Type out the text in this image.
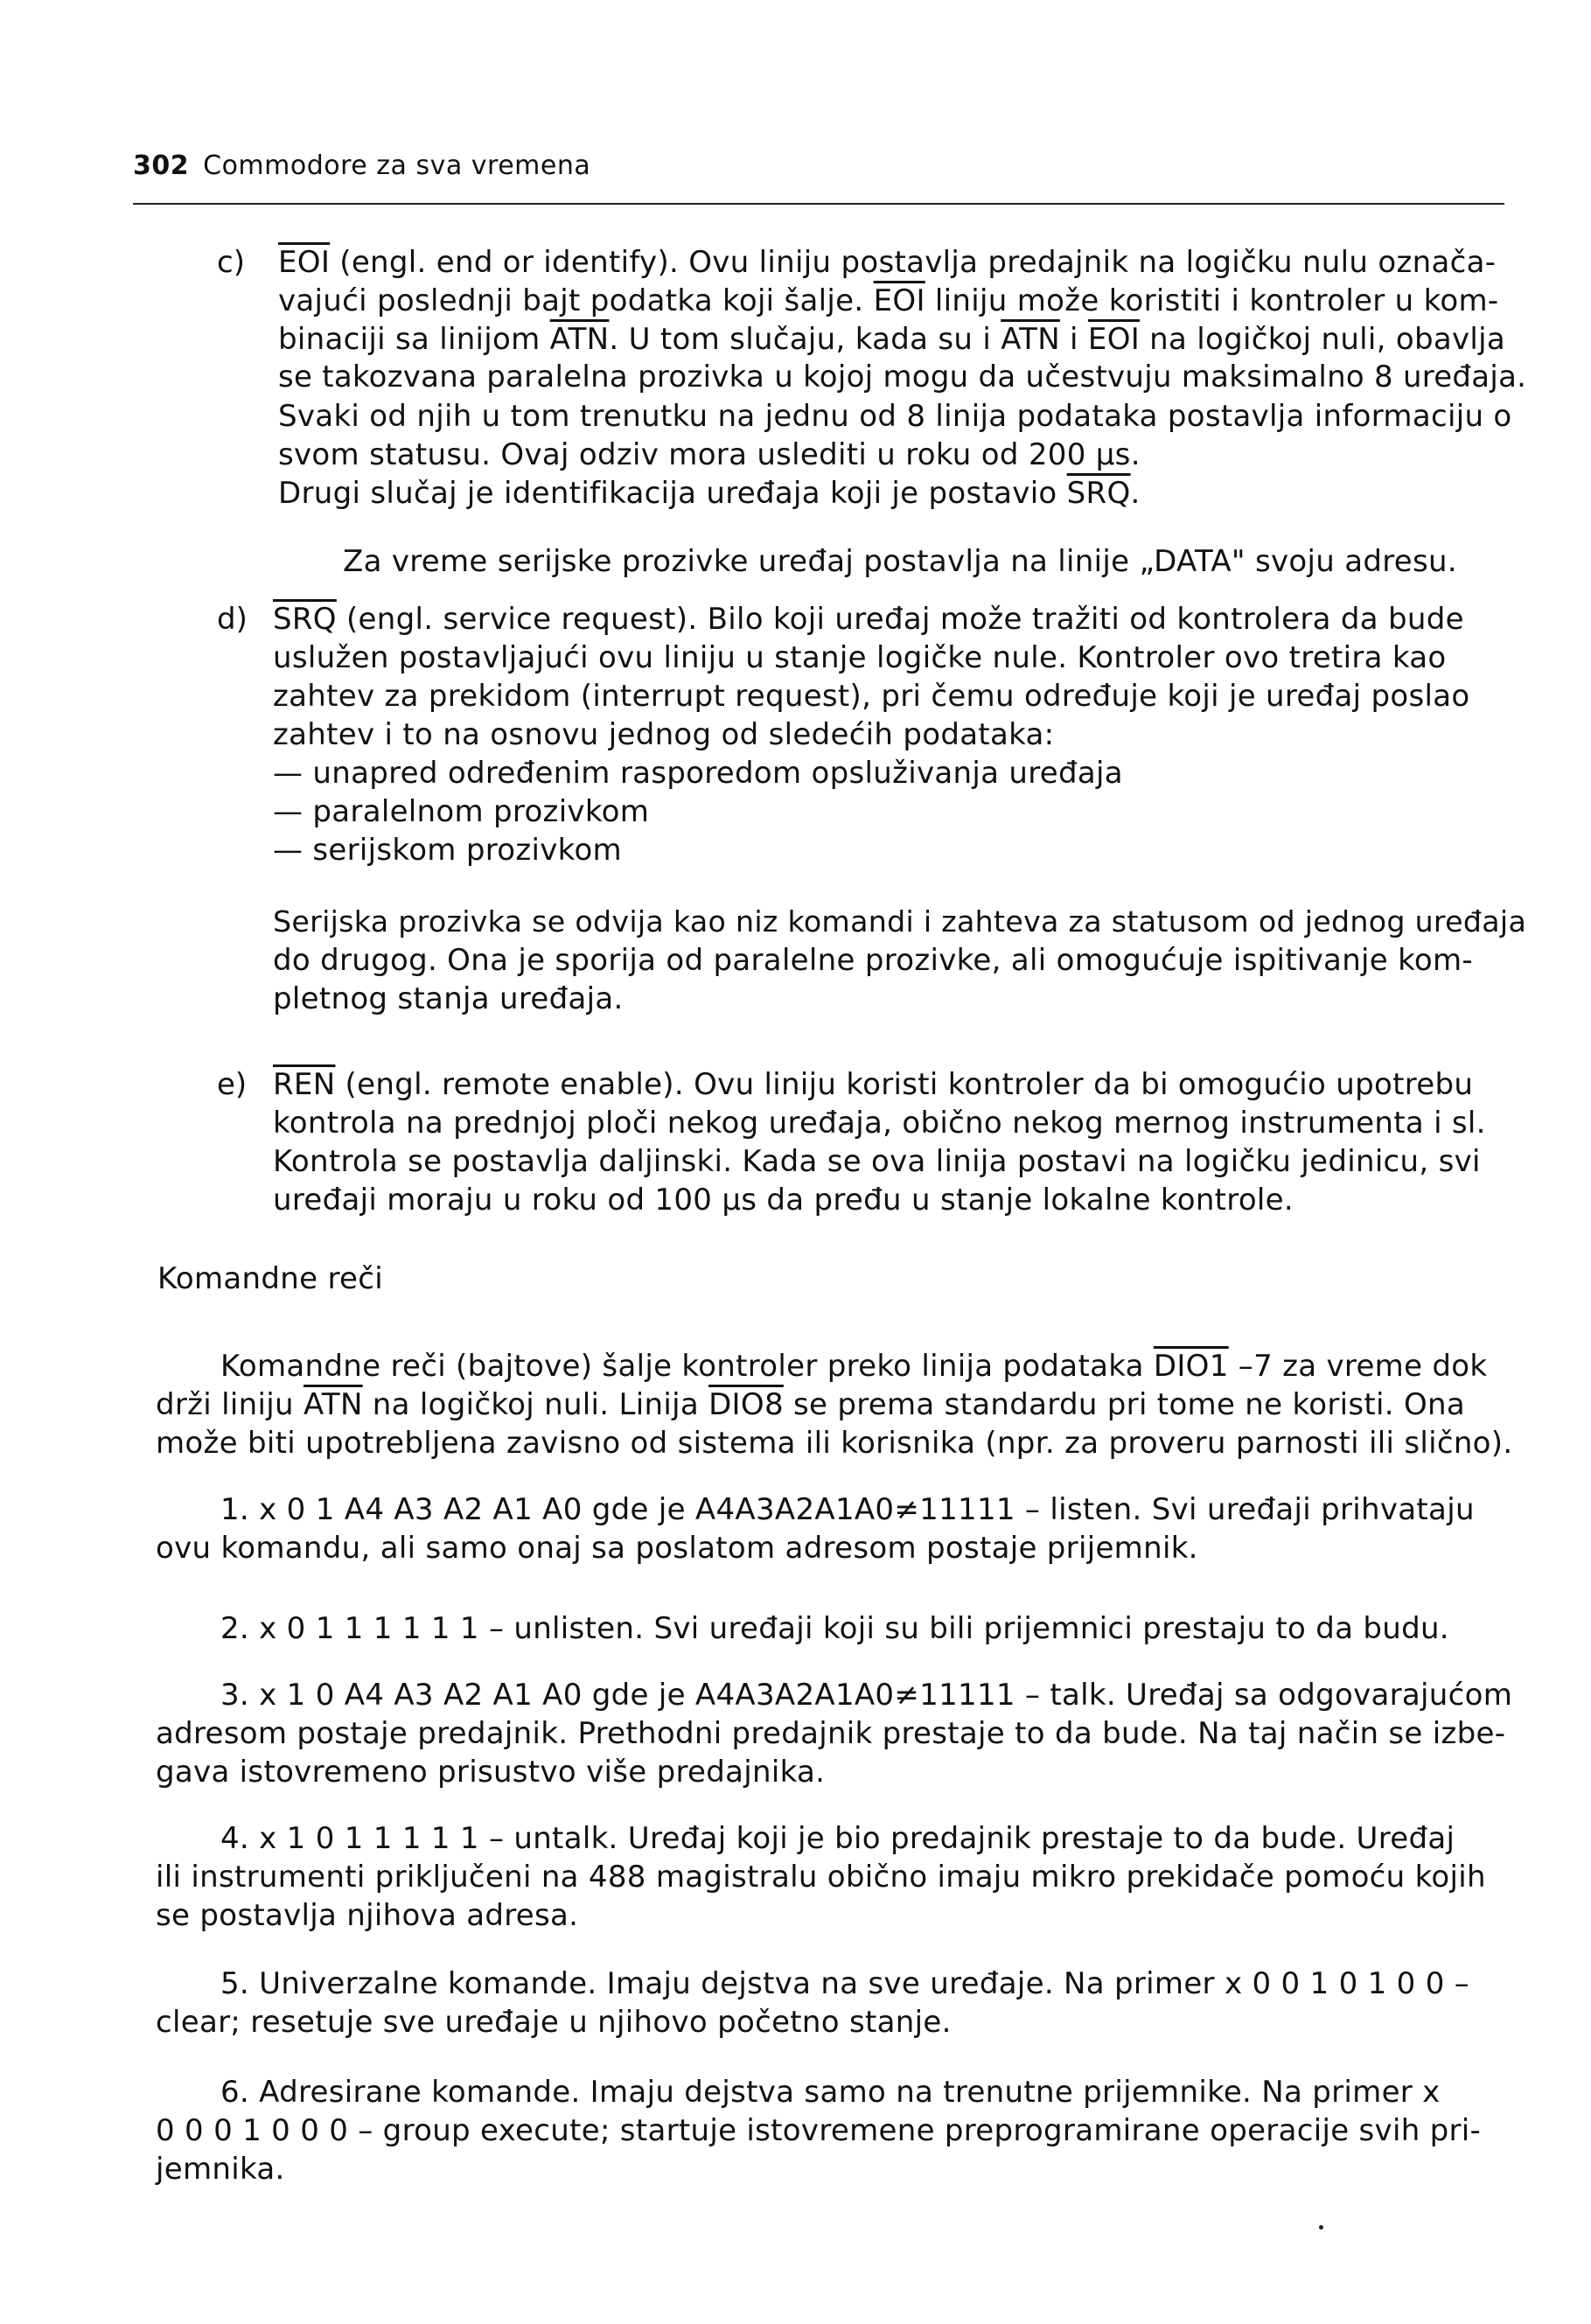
302 Commodore za sva vremena
c) $\overline{EOI}$ (engl. end or identify). Ovu liniju postavlja predajnik na logičku nulu označa-
vajući poslednji bajt podatka koji šalje. $\overline{EOI}$ liniju može koristiti i kontroler u kom-
binaciji sa linijom $\overline{ATN}$. U tom slučaju, kada su i $\overline{ATN}$ i $\overline{EOI}$ na logičkoj nuli, obavlja
se takozvana paralelna prozivka u kojoj mogu da učestvuju maksimalno 8 uređaja.
Svaki od njih u tom trenutku na jednu od 8 linija podataka postavlja informaciju o
svom statusu. Ovaj odziv mora uslediti u roku od 200 μs.
Drugi slučaj je identifikacija uređaja koji je postavio $\overline{SRQ}$.
Za vreme serijske prozivke uređaj postavlja na linije „DATA" svoju adresu.
d) $\overline{SRQ}$ (engl. service request). Bilo koji uređaj može tražiti od kontrolera da bude
uslužen postavljajući ovu liniju u stanje logičke nule. Kontroler ovo tretira kao
zahtev za prekidom (interrupt request), pri čemu određuje koji je uređaj poslao
zahtev i to na osnovu jednog od sledećih podataka:
— unapred određenim rasporedom opsluživanja uređaja
— paralelnom prozivkom
— serijskom prozivkom
Serijska prozivka se odvija kao niz komandi i zahteva za statusom od jednog uređaja
do drugog. Ona je sporija od paralelne prozivke, ali omogućuje ispitivanje kom-
pletnog stanja uređaja.
e) $\overline{REN}$ (engl. remote enable). Ovu liniju koristi kontroler da bi omogućio upotrebu
kontrola na prednjoj ploči nekog uređaja, obično nekog mernog instrumenta i sl.
Kontrola se postavlja daljinski. Kada se ova linija postavi na logičku jedinicu, svi
uređaji moraju u roku od 100 μs da pređu u stanje lokalne kontrole.
Komandne reči
Komandne reči (bajtove) šalje kontroler preko linija podataka DIO1 –7 za vreme dok
drži liniju $\overline{ATN}$ na logičkoj nuli. Linija DIO8 se prema standardu pri tome ne koristi. Ona
može biti upotrebljena zavisno od sistema ili korisnika (npr. za proveru parnosti ili slično).
1. x 0 1 A4 A3 A2 A1 A0 gde je A4A3A2A1A0≠11111 – listen. Svi uređaji prihvataju
ovu komandu, ali samo onaj sa poslatom adresom postaje prijemnik.
2. x 0 1 1 1 1 1 1 – unlisten. Svi uređaji koji su bili prijemnici prestaju to da budu.
3. x 1 0 A4 A3 A2 A1 A0 gde je A4A3A2A1A0≠11111 – talk. Uređaj sa odgovarajućom
adresom postaje predajnik. Prethodni predajnik prestaje to da bude. Na taj način se izbe-
gava istovremeno prisustvo više predajnika.
4. x 1 0 1 1 1 1 1 – untalk. Uređaj koji je bio predajnik prestaje to da bude. Uređaj
ili instrumenti priključeni na 488 magistralu obično imaju mikro prekidače pomoću kojih
se postavlja njihova adresa.
5. Univerzalne komande. Imaju dejstva na sve uređaje. Na primer x 0 0 1 0 1 0 0 –
clear; resetuje sve uređaje u njihovo početno stanje.
6. Adresirane komande. Imaju dejstva samo na trenutne prijemnike. Na primer x
0 0 0 1 0 0 0 – group execute; startuje istovremene preprogramirane operacije svih pri-
jemnika.
